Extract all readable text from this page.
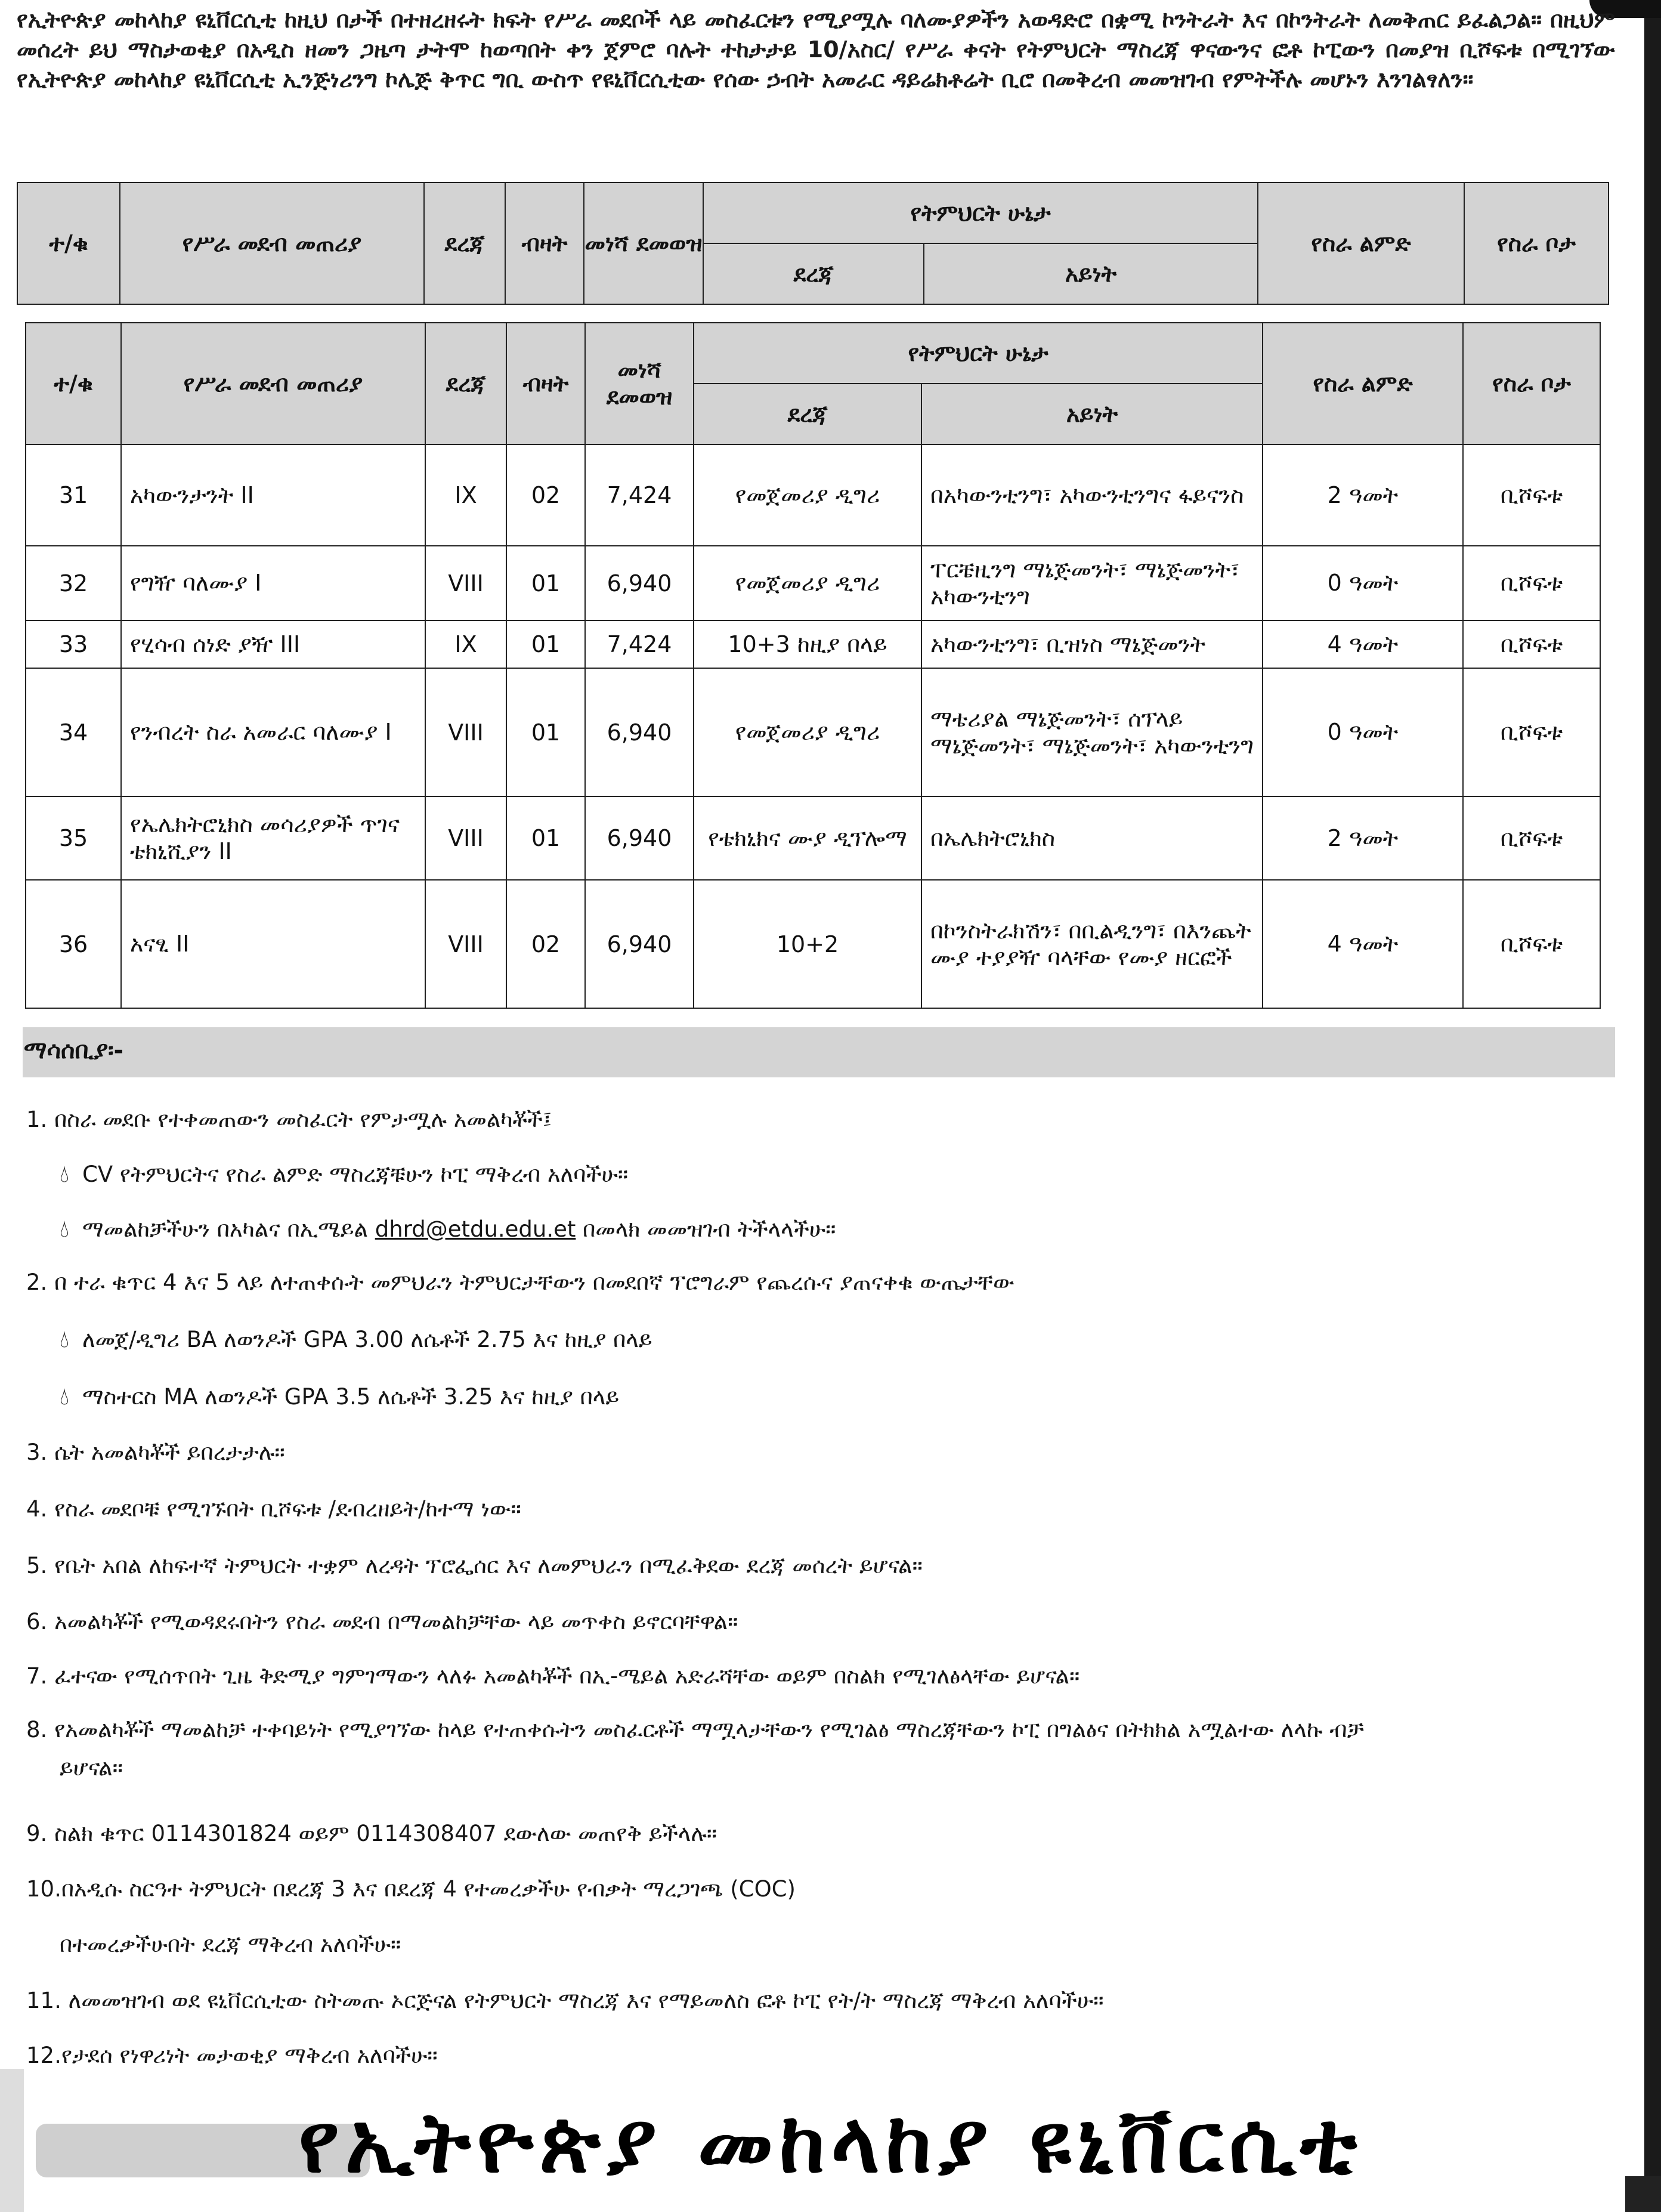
የኢትዮጵያ መከላከያ ዩኒቨርሲቲ ከዚህ በታች በተዘረዘሩት ክፍት የሥራ መደቦች ላይ መስፈርቱን የሚያሟሉ ባለሙያዎችን አወዳድሮ በቋሚ ኮንትራት እና በኮንትራት ለመቅጠር ይፈልጋል። በዚህም መሰረት ይህ ማስታወቂያ በአዲስ ዘመን ጋዜጣ ታትሞ ከወጣበት ቀን ጀምሮ ባሉት ተከታታይ 10/አስር/ የሥራ ቀናት የትምህርት ማስረጃ ዋናውንና ፎቶ ኮፒውን በመያዝ ቢሾፍቱ በሚገኘው የኢትዮጵያ መከላከያ ዩኒቨርሲቲ ኢንጅነሪንግ ኮሌጅ ቅጥር ግቢ ውስጥ የዩኒቨርሲቲው የሰው ኃብት አመራር ዳይሬክቶሬት ቢሮ በመቅረብ መመዝገብ የምትችሉ መሆኑን እንገልፃለን።
ተ/ቁ	የሥራ መደብ መጠሪያ	ደረጃ	ብዛት	መነሻ ደመወዝ	የትምህርት ሁኔታ		የስራ ልምድ	የስራ ቦታ
					ደረጃ	አይነት		
ተ/ቁ	የሥራ መደብ መጠሪያ	ደረጃ	ብዛት	መነሻ ደመወዝ	የትምህርት ሁኔታ		የስራ ልምድ	የስራ ቦታ
					ደረጃ	አይነት		
31	አካውንታንት II	IX	02	7,424	የመጀመሪያ ዲግሪ	በአካውንቲንግ፣ አካውንቲንግና ፋይናንስ	2 ዓመት	ቢሾፍቱ
32	የግዥ ባለሙያ I	VIII	01	6,940	የመጀመሪያ ዲግሪ	ፐርቼዚንግ ማኔጅመንት፣ ማኔጅመንት፣ አካውንቲንግ	0 ዓመት	ቢሾፍቱ
33	የሂሳብ ሰነድ ያዥ III	IX	01	7,424	10+3 ከዚያ በላይ	አካውንቲንግ፣ ቢዝነስ ማኔጅመንት	4 ዓመት	ቢሾፍቱ
34	የንብረት ስራ አመራር ባለሙያ I	VIII	01	6,940	የመጀመሪያ ዲግሪ	ማቴሪያል ማኔጅመንት፣ ሰፕላይ ማኔጅመንት፣ ማኔጅመንት፣ አካውንቲንግ	0 ዓመት	ቢሾፍቱ
35	የኤሌክትሮኒክስ መሳሪያዎች ጥገና ቴክኒሺያን II	VIII	01	6,940	የቴክኒክና ሙያ ዲፕሎማ	በኤሌክትሮኒክስ	2 ዓመት	ቢሾፍቱ
36	አናፂ II	VIII	02	6,940	10+2	በኮንስትራክሽን፣ በቢልዲንግ፣ በእንጨት ሙያ ተያያዥ ባላቸው የሙያ ዘርፎች	4 ዓመት	ቢሾፍቱ
ማሳሰቢያ፡-
1. በስራ መደቡ የተቀመጠውን መስፈርት የምታሟሉ አመልካቾች፤
💧︎ CV የትምህርትና የስራ ልምድ ማስረጃቹሁን ኮፒ ማቅረብ አለባችሁ።
💧︎ ማመልከቻችሁን በአካልና በኢሜይል dhrd@etdu.edu.et በመላክ መመዝገብ ትችላላችሁ።
2. በ ተራ ቁጥር 4 እና 5 ላይ ለተጠቀሱት መምህራን ትምህርታቸውን በመደበኛ ፕሮግራም የጨረሱና ያጠናቀቁ ውጤታቸው
💧︎ ለመጀ/ዲግሪ BA ለወንዶች GPA 3.00 ለሴቶች 2.75 እና ከዚያ በላይ
💧︎ ማስተርስ MA ለወንዶች GPA 3.5 ለሴቶች 3.25 እና ከዚያ በላይ
3. ሴት አመልካቾች ይበረታታሉ።
4. የስራ መደቦቹ የሚገኙበት ቢሾፍቱ /ደብረዘይት/ከተማ ነው።
5. የቤት አበል ለከፍተኛ ትምህርት ተቋም ለረዳት ፕሮፌሰር እና ለመምህራን በሚፈቅደው ደረጃ መሰረት ይሆናል።
6. አመልካቾች የሚወዳደሩበትን የስራ መደብ በማመልከቻቸው ላይ መጥቀስ ይኖርባቸዋል።
7. ፈተናው የሚሰጥበት ጊዜ ቅድሚያ ግምገማውን ላለፉ አመልካቾች በኢ-ሜይል አድራሻቸው ወይም በስልክ የሚገለፅላቸው ይሆናል።
8. የአመልካቾች ማመልከቻ ተቀባይነት የሚያገኘው ከላይ የተጠቀሱትን መስፈርቶች ማሟላታቸውን የሚገልፅ ማስረጃቸውን ኮፒ በግልፅና በትክክል አሟልተው ለላኩ ብቻ
ይሆናል።
9. ስልክ ቁጥር 0114301824 ወይም 0114308407 ደውለው መጠየቅ ይችላሉ።
10.በአዲሱ ስርዓተ ትምህርት በደረጃ 3 እና በደረጃ 4 የተመረቃችሁ የብቃት ማረጋገጫ (COC)
በተመረቃችሁበት ደረጃ ማቅረብ አለባችሁ።
11. ለመመዝገብ ወደ ዩኒቨርሲቲው ስትመጡ ኦርጅናል የትምህርት ማስረጃ እና የማይመለስ ፎቶ ኮፒ የት/ት ማስረጃ ማቅረብ አለባችሁ።
12.የታደሰ የነዋሪነት መታወቂያ ማቅረብ አለባችሁ።
የኢትዮጵያ መከላከያ ዩኒቨርሲቲ
